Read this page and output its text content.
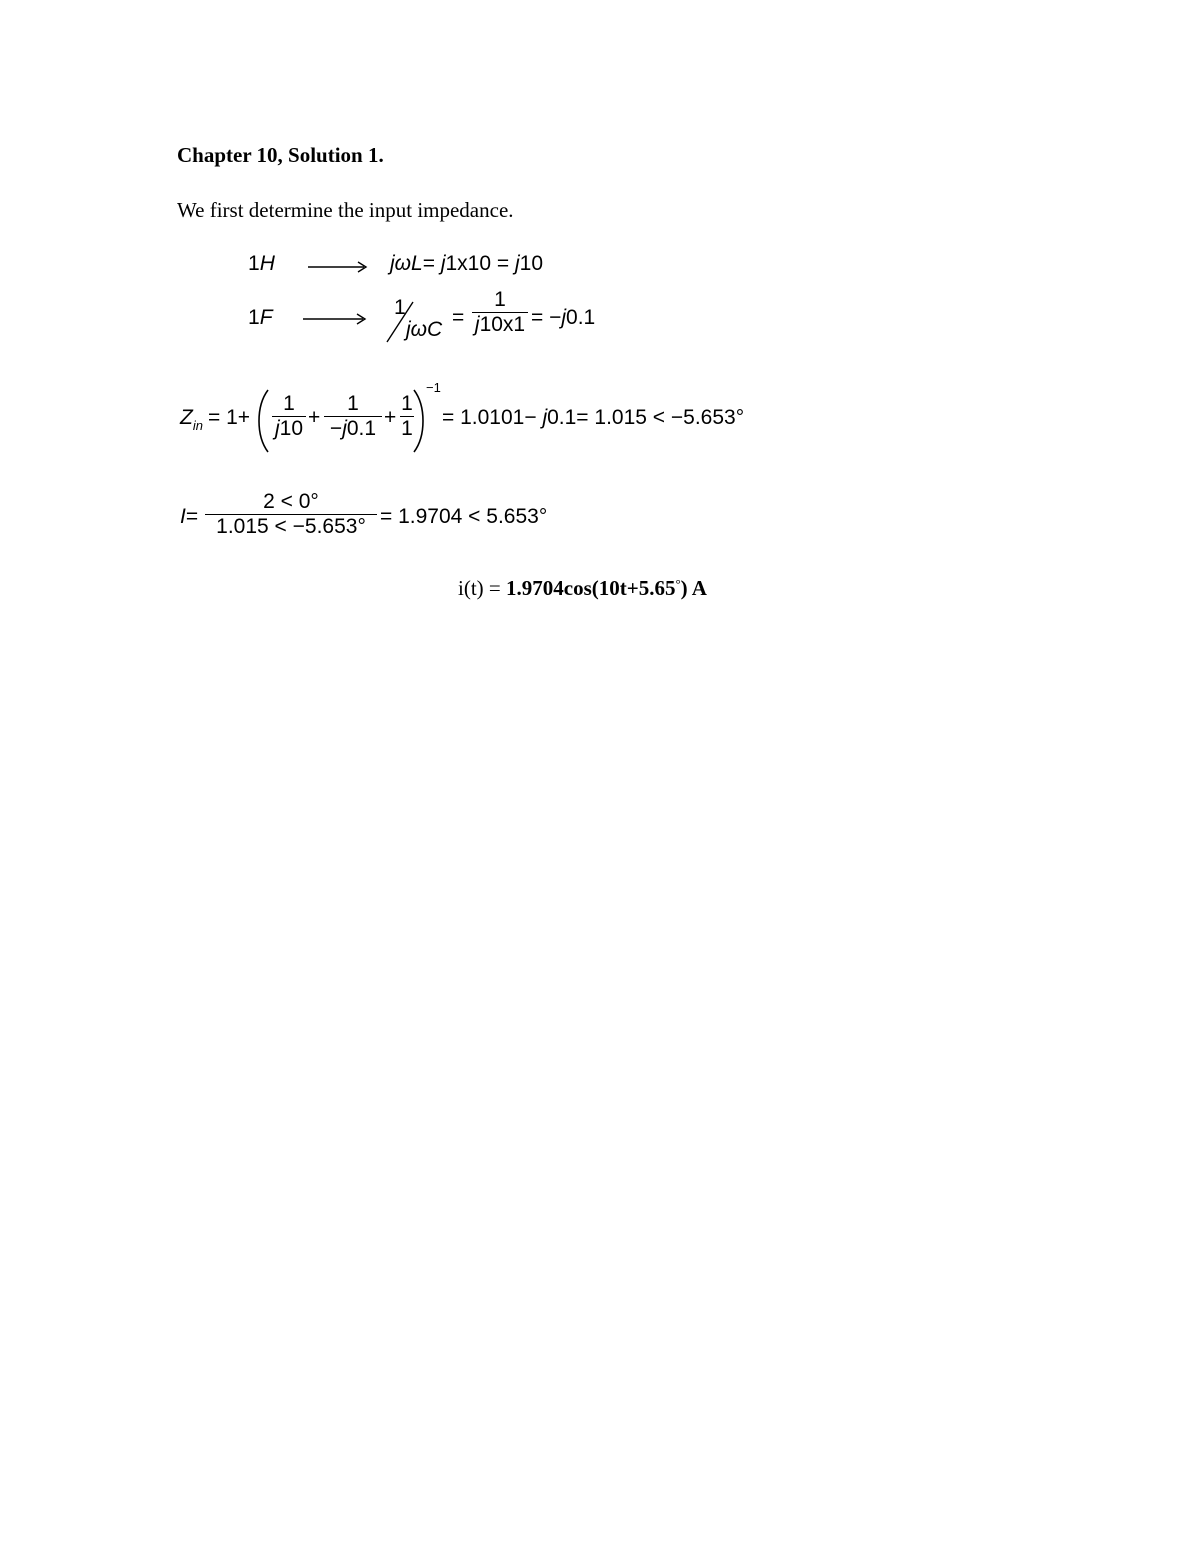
Chapter 10, Solution 1.
We first determine the input impedance.
1H	jωL= j1x10 = j10
1F	1
jωC
=
1
j10x1 = −j0.1
$Z_{in} = 1+$
1
j10 +
1
−j0.1 +
1
1
−1
= 1.0101− j0.1= 1.015 < −5.653°
I=
2 < 0°
1.015 < −5.653° = 1.9704 < 5.653°
i(t) = 1.9704cos(10t+5.65°) A
